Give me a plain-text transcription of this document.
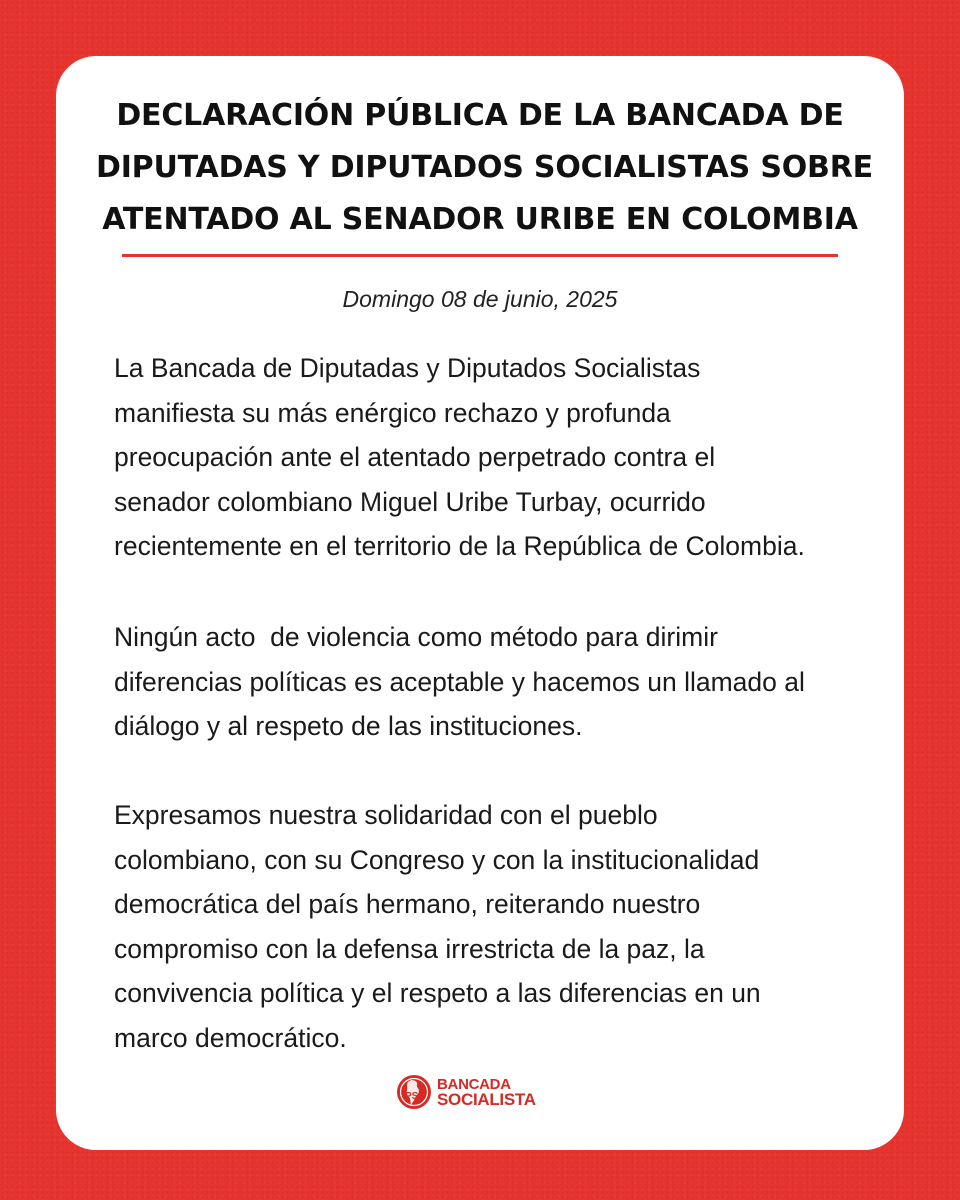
DECLARACIÓN PÚBLICA DE LA BANCADA DE
DIPUTADAS Y DIPUTADOS SOCIALISTAS SOBRE
ATENTADO AL SENADOR URIBE EN COLOMBIA
Domingo 08 de junio, 2025

La Bancada de Diputadas y Diputados Socialistas
manifiesta su más enérgico rechazo y profunda
preocupación ante el atentado perpetrado contra el
senador colombiano Miguel Uribe Turbay, ocurrido
recientemente en el territorio de la República de Colombia.

Ningún acto  de violencia como método para dirimir
diferencias políticas es aceptable y hacemos un llamado al
diálogo y al respeto de las instituciones.

Expresamos nuestra solidaridad con el pueblo
colombiano, con su Congreso y con la institucionalidad
democrática del país hermano, reiterando nuestro
compromiso con la defensa irrestricta de la paz, la
convivencia política y el respeto a las diferencias en un
marco democrático.

PS
BANCADA
SOCIALISTA
